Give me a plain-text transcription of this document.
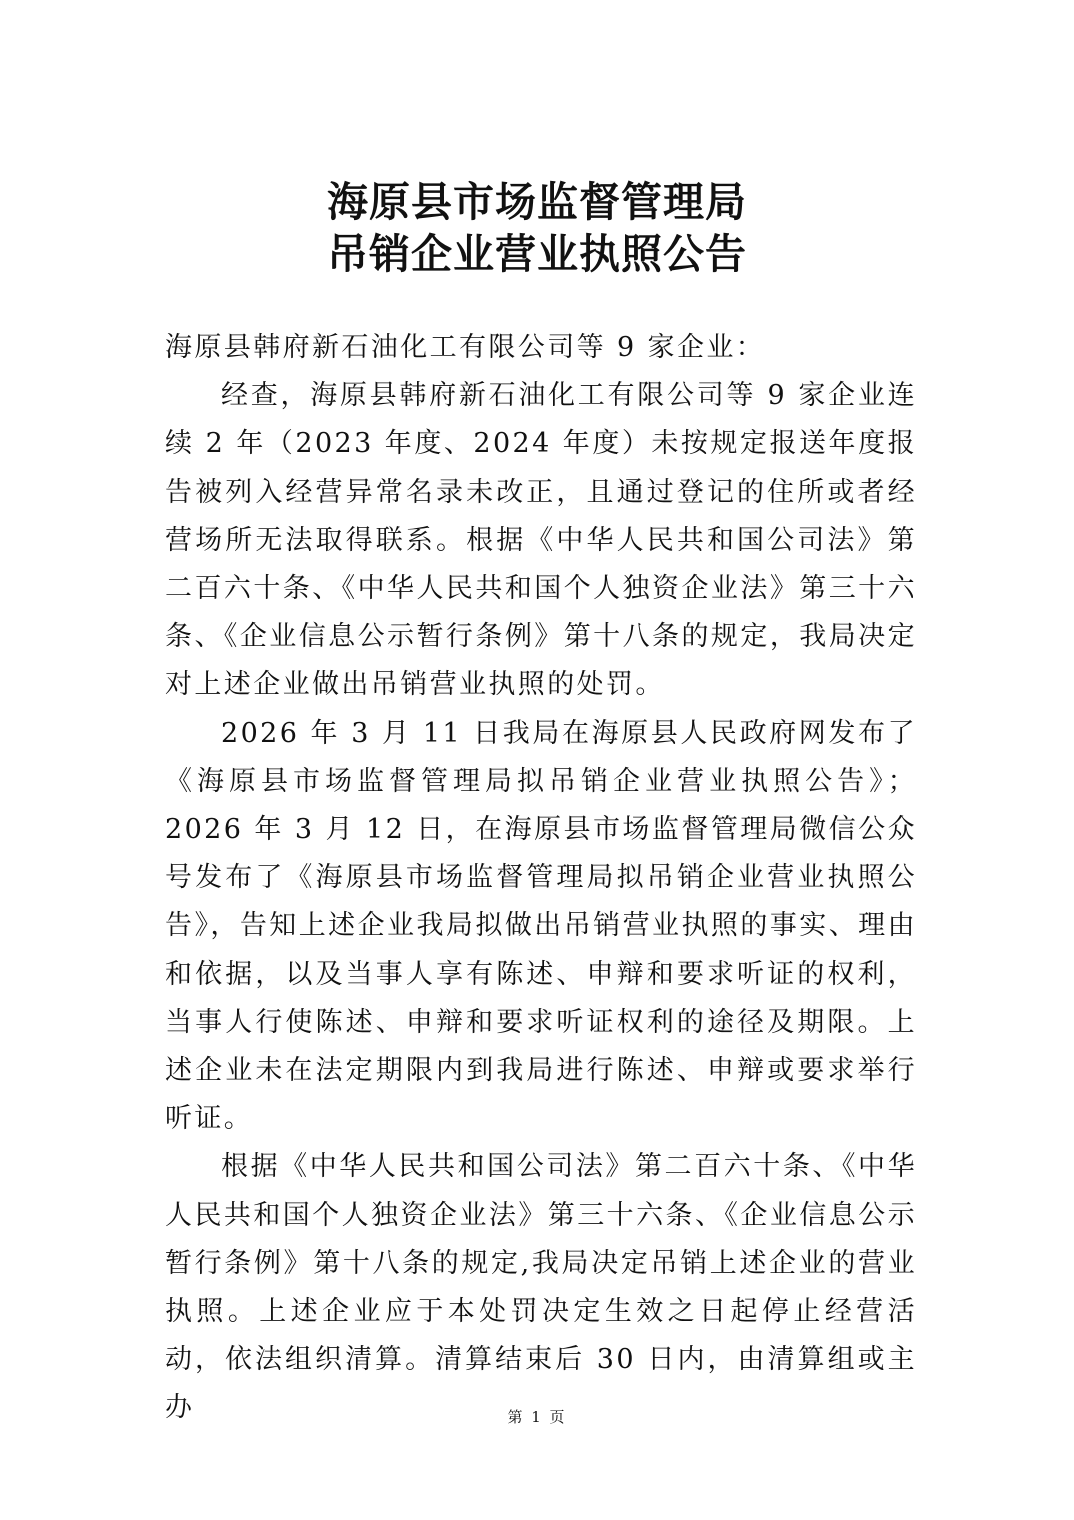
海原县市场监督管理局
吊销企业营业执照公告

海原县韩府新石油化工有限公司等 9 家企业：

经查，海原县韩府新石油化工有限公司等 9 家企业连续 2 年（2023 年度、2024 年度）未按规定报送年度报告被列入经营异常名录未改正，且通过登记的住所或者经营场所无法取得联系。根据《中华人民共和国公司法》第二百六十条、《中华人民共和国个人独资企业法》第三十六条、《企业信息公示暂行条例》第十八条的规定，我局决定对上述企业做出吊销营业执照的处罚。

2026 年 3 月 11 日我局在海原县人民政府网发布了《海原县市场监督管理局拟吊销企业营业执照公告》；2026 年 3 月 12 日，在海原县市场监督管理局微信公众号发布了《海原县市场监督管理局拟吊销企业营业执照公告》，告知上述企业我局拟做出吊销营业执照的事实、理由和依据，以及当事人享有陈述、申辩和要求听证的权利，当事人行使陈述、申辩和要求听证权利的途径及期限。上述企业未在法定期限内到我局进行陈述、申辩或要求举行听证。

根据《中华人民共和国公司法》第二百六十条、《中华人民共和国个人独资企业法》第三十六条、《企业信息公示暂行条例》第十八条的规定,我局决定吊销上述企业的营业执照。上述企业应于本处罚决定生效之日起停止经营活动，依法组织清算。清算结束后 30 日内，由清算组或主办	第 1 页
